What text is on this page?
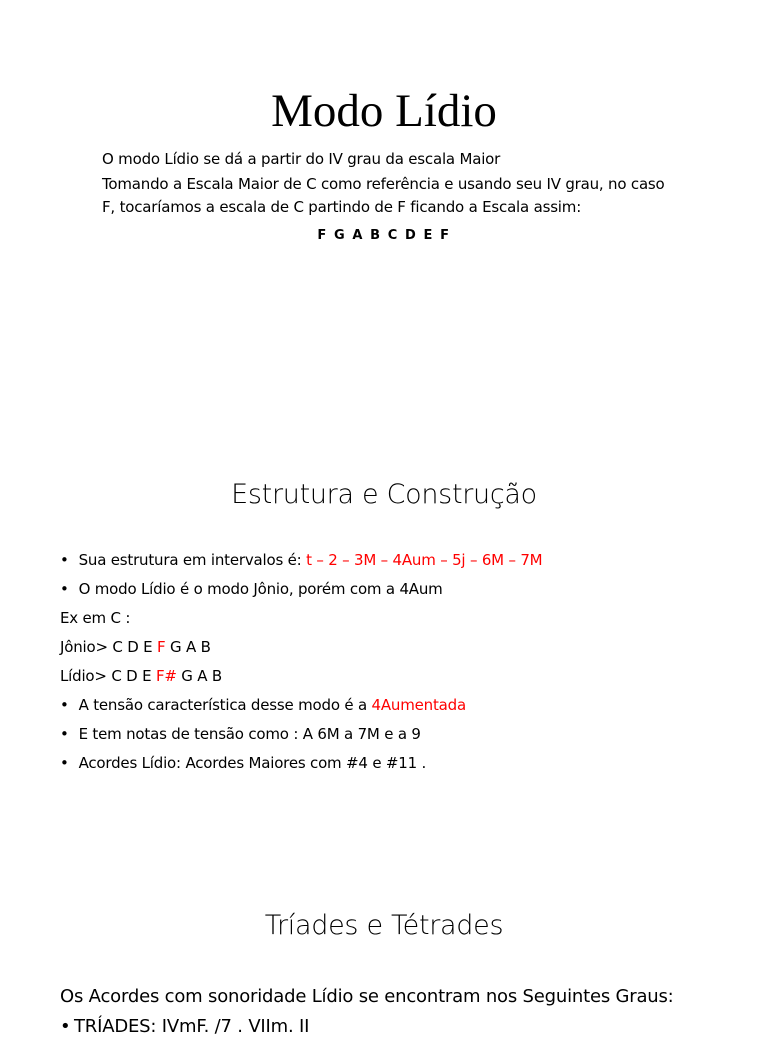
Modo Lídio

O modo Lídio se dá a partir do IV grau da escala Maior

Tomando a Escala Maior de C como referência e usando seu IV grau, no caso F, tocaríamos a escala de C partindo de F ficando a Escala assim:

F G A B C D E F
Estrutura e Construção
• Sua estrutura em intervalos é: t – 2 – 3M – 4Aum – 5j – 6M – 7M
• O modo Lídio é o modo Jônio, porém com a 4Aum
Ex em C :
Jônio> C D E F G A B
Lídio> C D E F# G A B
• A tensão característica desse modo é a 4Aumentada
• E tem notas de tensão como : A 6M a 7M e a 9
• Acordes Lídio: Acordes Maiores com #4 e #11 .
Tríades e Tétrades
Os Acordes com sonoridade Lídio se encontram nos Seguintes Graus:
• TRÍADES: IVmF. /7 . VIIm. II
